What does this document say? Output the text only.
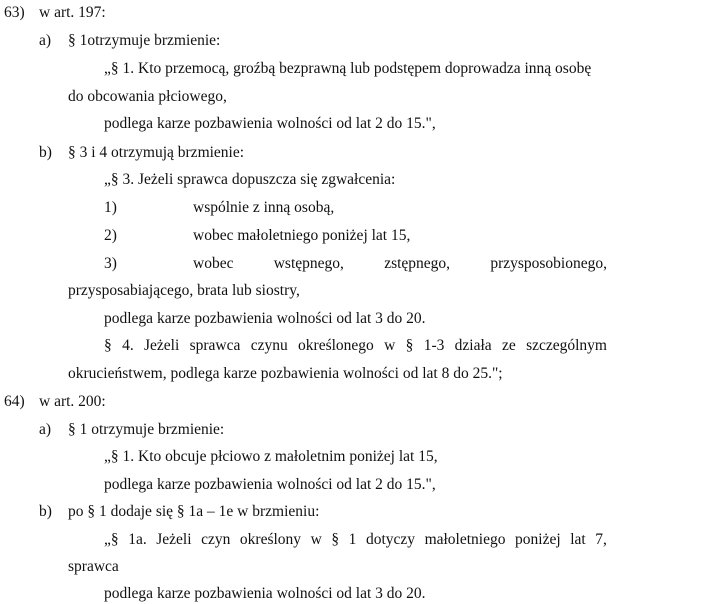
63) w art. 197:
a) § 1otrzymuje brzmienie:
„§ 1. Kto przemocą, groźbą bezprawną lub podstępem doprowadza inną osobę
do obcowania płciowego,
podlega karze pozbawienia wolności od lat 2 do 15.",
b) § 3 i 4 otrzymują brzmienie:
„§ 3. Jeżeli sprawca dopuszcza się zgwałcenia:
1)	wspólnie z inną osobą,
2)	wobec małoletniego poniżej lat 15,
3)	wobec	wstępnego,	zstępnego,	przysposobionego,
przysposabiającego, brata lub siostry,
podlega karze pozbawienia wolności od lat 3 do 20.
§ 4. Jeżeli sprawca czynu określonego w § 1-3 działa ze szczególnym
okrucieństwem, podlega karze pozbawienia wolności od lat 8 do 25.";
64) w art. 200:
a) § 1 otrzymuje brzmienie:
„§ 1. Kto obcuje płciowo z małoletnim poniżej lat 15,
podlega karze pozbawienia wolności od lat 2 do 15.",
b) po § 1 dodaje się § 1a – 1e w brzmieniu:
„§ 1a. Jeżeli czyn określony w § 1 dotyczy małoletniego poniżej lat 7,
sprawca
podlega karze pozbawienia wolności od lat 3 do 20.
